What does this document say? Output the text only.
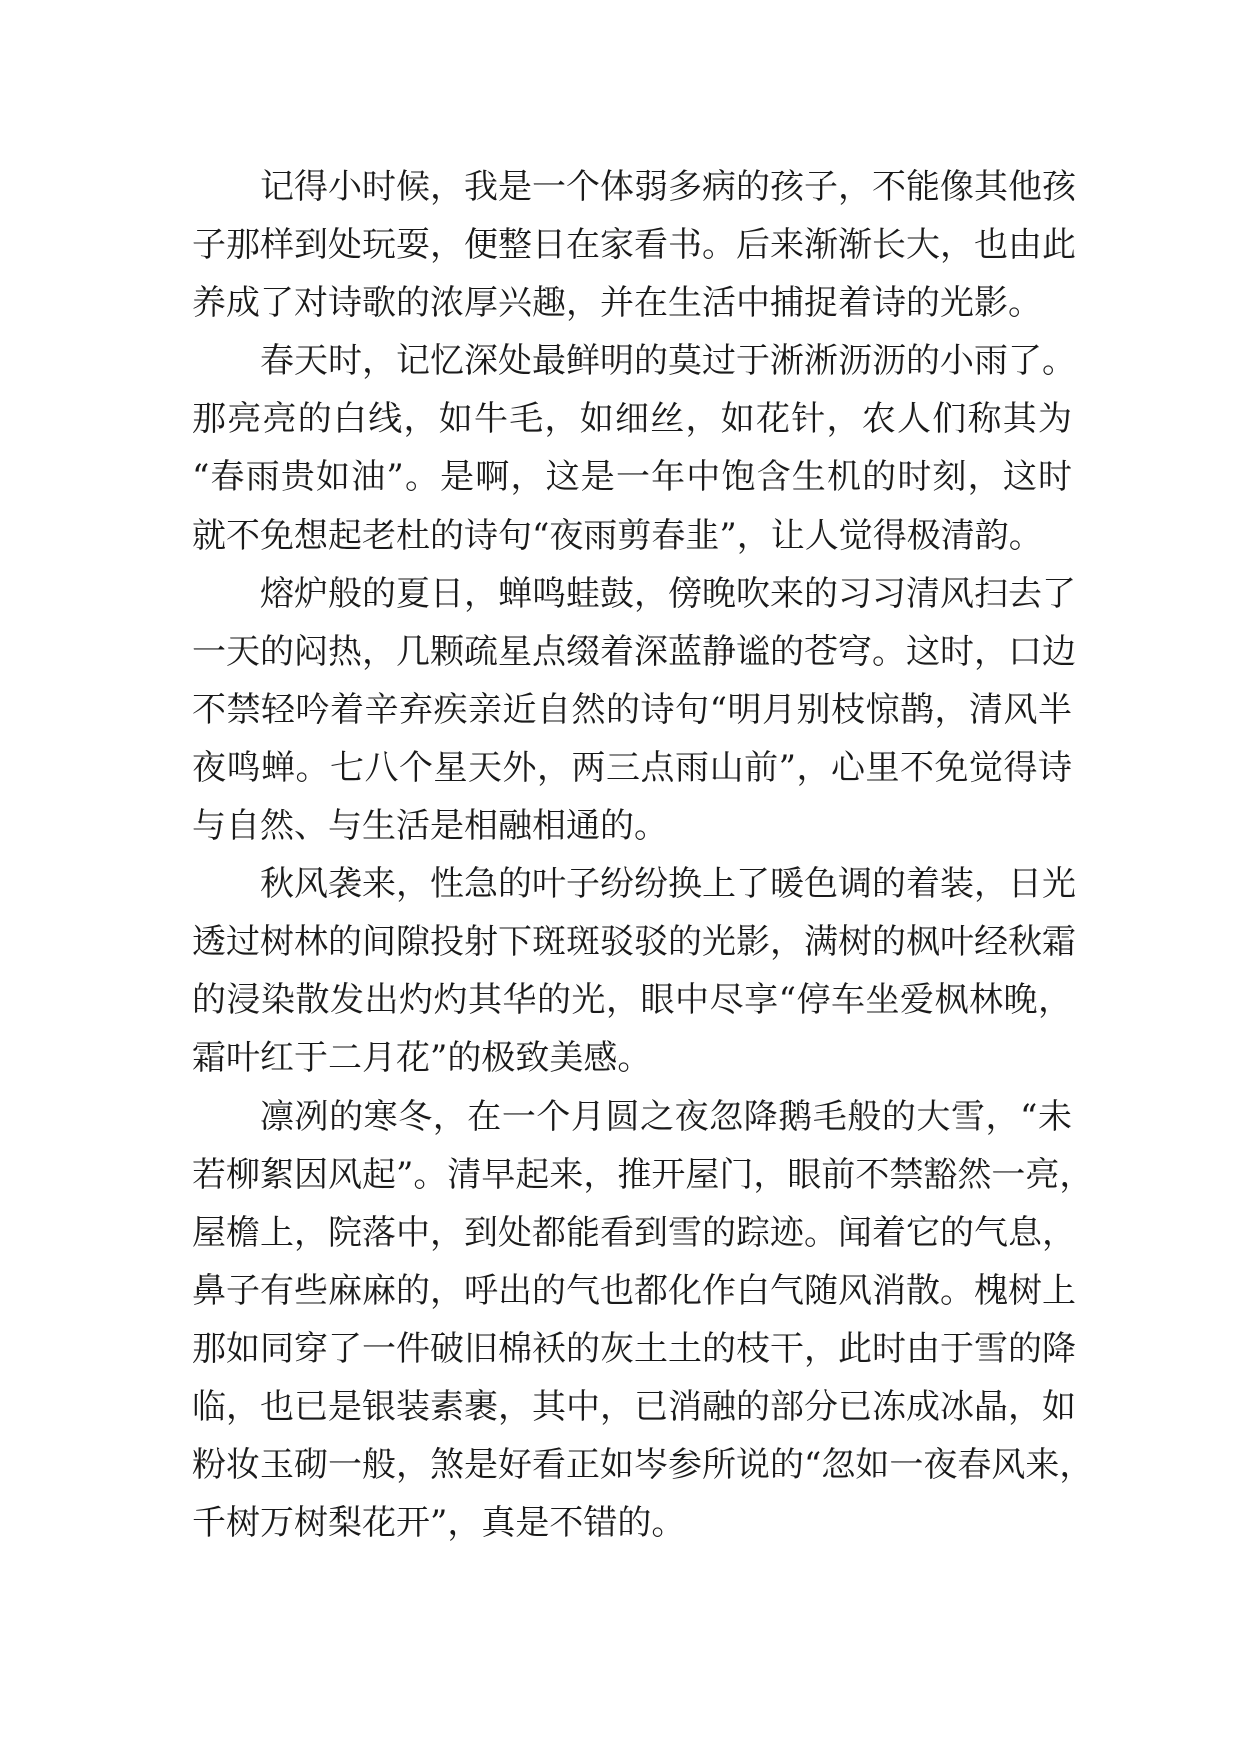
记得小时候，我是一个体弱多病的孩子，不能像其他孩
子那样到处玩耍，便整日在家看书。后来渐渐长大，也由此
养成了对诗歌的浓厚兴趣，并在生活中捕捉着诗的光影。
春天时，记忆深处最鲜明的莫过于淅淅沥沥的小雨了。
那亮亮的白线，如牛毛，如细丝，如花针，农人们称其为
“春雨贵如油”。是啊，这是一年中饱含生机的时刻，这时
就不免想起老杜的诗句“夜雨剪春韭”，让人觉得极清韵。
熔炉般的夏日，蝉鸣蛙鼓，傍晚吹来的习习清风扫去了
一天的闷热，几颗疏星点缀着深蓝静谧的苍穹。这时，口边
不禁轻吟着辛弃疾亲近自然的诗句“明月别枝惊鹊，清风半
夜鸣蝉。七八个星天外，两三点雨山前”，心里不免觉得诗
与自然、与生活是相融相通的。
秋风袭来，性急的叶子纷纷换上了暖色调的着装，日光
透过树林的间隙投射下斑斑驳驳的光影，满树的枫叶经秋霜
的浸染散发出灼灼其华的光，眼中尽享“停车坐爱枫林晚，
霜叶红于二月花”的极致美感。
凛冽的寒冬，在一个月圆之夜忽降鹅毛般的大雪，“未
若柳絮因风起”。清早起来，推开屋门，眼前不禁豁然一亮，
屋檐上，院落中，到处都能看到雪的踪迹。闻着它的气息，
鼻子有些麻麻的，呼出的气也都化作白气随风消散。槐树上
那如同穿了一件破旧棉袄的灰土土的枝干，此时由于雪的降
临，也已是银装素裹，其中，已消融的部分已冻成冰晶，如
粉妆玉砌一般，煞是好看正如岑参所说的“忽如一夜春风来，
千树万树梨花开”，真是不错的。
